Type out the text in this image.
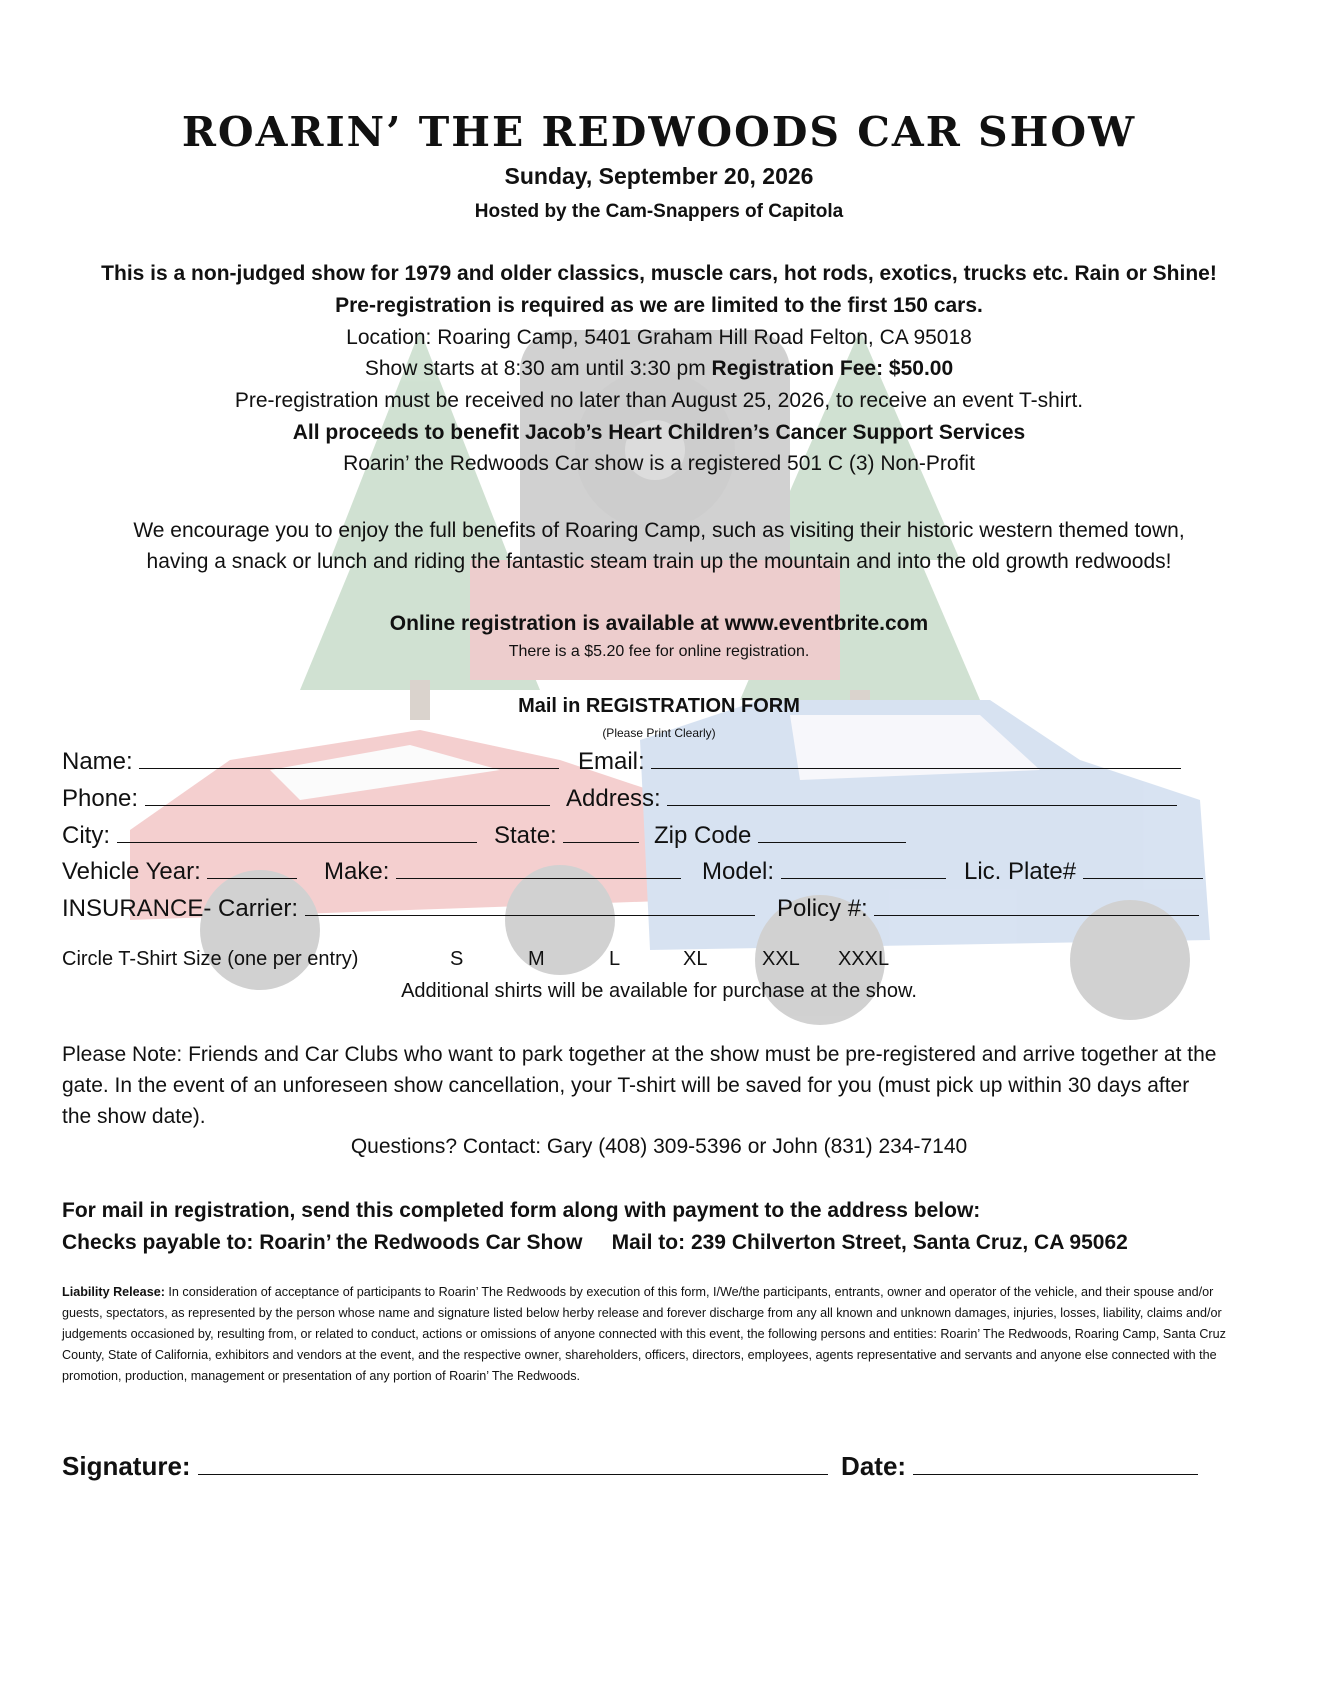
ROARIN’ THE REDWOODS CAR SHOW
Sunday, September 20, 2026
Hosted by the Cam-Snappers of Capitola
This is a non-judged show for 1979 and older classics, muscle cars, hot rods, exotics, trucks etc. Rain or Shine!
Pre-registration is required as we are limited to the first 150 cars.
Location: Roaring Camp, 5401 Graham Hill Road Felton, CA 95018
Show starts at 8:30 am until 3:30 pm Registration Fee: $50.00
Pre-registration must be received no later than August 25, 2026, to receive an event T-shirt.
All proceeds to benefit Jacob’s Heart Children’s Cancer Support Services
Roarin’ the Redwoods Car show is a registered 501 C (3) Non-Profit
We encourage you to enjoy the full benefits of Roaring Camp, such as visiting their historic western themed town, having a snack or lunch and riding the fantastic steam train up the mountain and into the old growth redwoods!
Online registration is available at www.eventbrite.com
There is a $5.20 fee for online registration.
Mail in REGISTRATION FORM
(Please Print Clearly)
Name:	Email:
Phone:	Address:
City:	State:	Zip Code
Vehicle Year:	Make:	Model:	Lic. Plate#
INSURANCE- Carrier:	Policy #:
Circle T-Shirt Size (one per entry)	S	M	L	XL	XXL XXXL
Additional shirts will be available for purchase at the show.
Please Note: Friends and Car Clubs who want to park together at the show must be pre-registered and arrive together at the gate. In the event of an unforeseen show cancellation, your T-shirt will be saved for you (must pick up within 30 days after the show date).
Questions? Contact: Gary (408) 309-5396 or John (831) 234-7140
For mail in registration, send this completed form along with payment to the address below:
Checks payable to: Roarin’ the Redwoods Car Show Mail to: 239 Chilverton Street, Santa Cruz, CA 95062
Liability Release: In consideration of acceptance of participants to Roarin’ The Redwoods by execution of this form, I/We/the participants, entrants, owner and operator of the vehicle, and their spouse and/or guests, spectators, as represented by the person whose name and signature listed below herby release and forever discharge from any all known and unknown damages, injuries, losses, liability, claims and/or judgements occasioned by, resulting from, or related to conduct, actions or omissions of anyone connected with this event, the following persons and entities: Roarin’ The Redwoods, Roaring Camp, Santa Cruz County, State of California, exhibitors and vendors at the event, and the respective owner, shareholders, officers, directors, employees, agents representative and servants and anyone else connected with the promotion, production, management or presentation of any portion of Roarin’ The Redwoods.
Signature:	Date:
